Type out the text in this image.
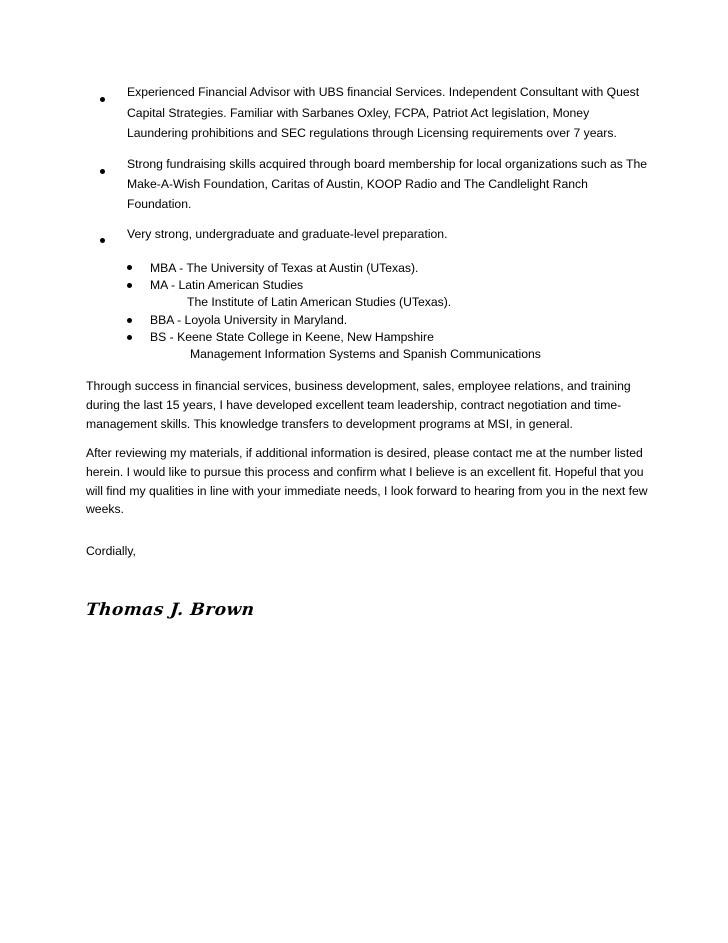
Experienced Financial Advisor with UBS financial Services. Independent Consultant with Quest
Capital Strategies. Familiar with Sarbanes Oxley, FCPA, Patriot Act legislation, Money
Laundering prohibitions and SEC regulations through Licensing requirements over 7 years.
Strong fundraising skills acquired through board membership for local organizations such as The
Make-A-Wish Foundation, Caritas of Austin, KOOP Radio and The Candlelight Ranch
Foundation.
Very strong, undergraduate and graduate-level preparation.
MBA - The University of Texas at Austin (UTexas).
MA - Latin American Studies
The Institute of Latin American Studies (UTexas).
BBA - Loyola University in Maryland.
BS - Keene State College in Keene, New Hampshire
Management Information Systems and Spanish Communications
Through success in financial services, business development, sales, employee relations, and training
during the last 15 years, I have developed excellent team leadership, contract negotiation and time-
management skills. This knowledge transfers to development programs at MSI, in general.
After reviewing my materials, if additional information is desired, please contact me at the number listed
herein. I would like to pursue this process and confirm what I believe is an excellent fit. Hopeful that you
will find my qualities in line with your immediate needs, I look forward to hearing from you in the next few
weeks.
Cordially,
Thomas J. Brown
